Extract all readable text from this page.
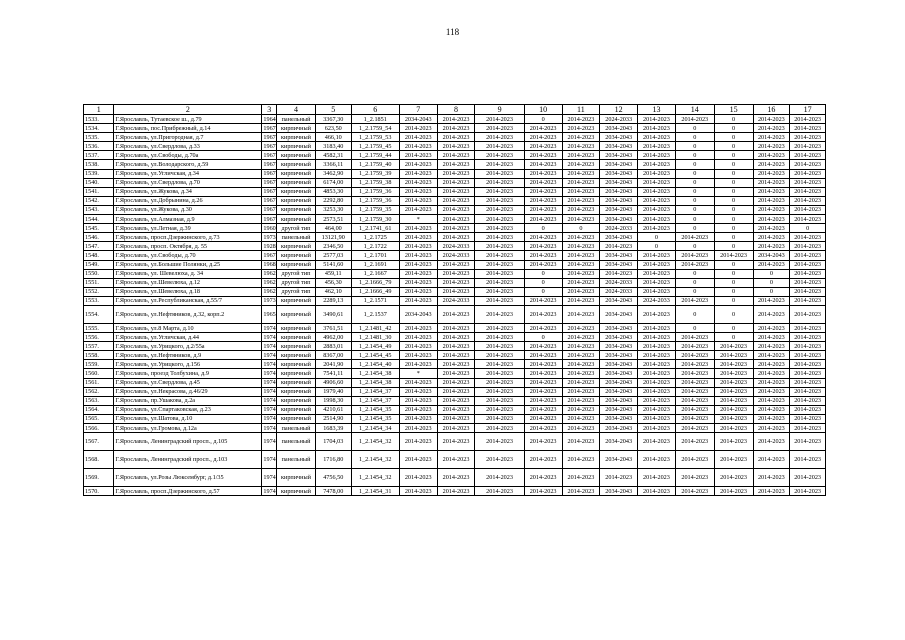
118
1	2	3	4	5	6	7	8	9	10	11	12	13	14	15	16	17
1533.	Г.Ярославль, Тутаевское ш., д.79	1964	панельный	3367,30	1_2.1851	2034-2043	2014-2023	2014-2023	0	2014-2023	2024-2033	2014-2023	2014-2023	0	2014-2023	2014-2023
1534.	Г.Ярославль, пос.Прибрежный, д.14	1967	кирпичный	623,50	1_2.1759_54	2014-2023	2014-2023	2014-2023	2014-2023	2014-2023	2034-2043	2014-2023	0	0	2014-2023	2014-2023
1535.	Г.Ярославль, ул.Пригородная, д.7	1967	кирпичный	466,10	1_2.1759_53	2014-2023	2014-2023	2014-2023	2014-2023	2014-2023	2034-2043	2014-2023	0	0	2014-2023	2014-2023
1536.	Г.Ярославль, ул.Свердлова, д.33	1967	кирпичный	3183,40	1_2.1759_45	2014-2023	2014-2023	2014-2023	2014-2023	2014-2023	2034-2043	2014-2023	0	0	2014-2023	2014-2023
1537.	Г.Ярославль, ул.Свободы, д.70а	1967	кирпичный	4582,31	1_2.1759_44	2014-2023	2014-2023	2014-2023	2014-2023	2014-2023	2034-2043	2014-2023	0	0	2014-2023	2014-2023
1538.	Г.Ярославль, ул.Володарского, д.59	1967	кирпичный	3366,11	1_2.1759_40	2014-2023	2014-2023	2014-2023	2014-2023	2014-2023	2034-2043	2014-2023	0	0	2014-2023	2014-2023
1539.	Г.Ярославль, ул.Угличская, д.34	1967	кирпичный	3462,90	1_2.1759_39	2014-2023	2014-2023	2014-2023	2014-2023	2014-2023	2034-2043	2014-2023	0	0	2014-2023	2014-2023
1540.	Г.Ярославль, ул.Свердлова, д.70	1967	кирпичный	6174,00	1_2.1759_38	2014-2023	2014-2023	2014-2023	2014-2023	2014-2023	2034-2043	2014-2023	0	0	2014-2023	2014-2023
1541.	Г.Ярославль, ул.Жукова, д.34	1967	кирпичный	4853,30	1_2.1759_36	2014-2023	2014-2023	2014-2023	2014-2023	2014-2023	2034-2043	2014-2023	0	0	2014-2023	2014-2023
1542.	Г.Ярославль, ул.Добрынина, д.26	1967	кирпичный	2292,80	1_2.1759_36	2014-2023	2014-2023	2014-2023	2014-2023	2014-2023	2034-2043	2014-2023	0	0	2014-2023	2014-2023
1543.	Г.Ярославль, ул.Жукова, д.30	1967	кирпичный	3253,30	1_2.1759_35	2014-2023	2014-2023	2014-2023	2014-2023	2014-2023	2034-2043	2014-2023	0	0	2014-2023	2014-2023
1544.	Г.Ярославль, ул.Алмазная, д.9	1967	кирпичный	2573,51	1_2.1759_30	*	2014-2023	2014-2023	2014-2023	2014-2023	2034-2043	2014-2023	0	0	2014-2023	2014-2023
1545.	Г.Ярославль, ул.Летная, д.39	1960	другой тип	464,00	1_2.1741_61	2014-2023	2014-2023	2014-2023	0	0	2024-2033	2014-2023	0	0	2014-2023	0
1546.	Г.Ярославль, просп.Дзержинского, д.73	1973	панельный	13121,90	1_2.1725	2014-2023	2014-2023	2014-2023	2014-2023	2014-2023	2034-2043	0	2014-2023	0	2014-2023	2014-2023
1547.	Г.Ярославль, просп. Октября, д. 55	1928	кирпичный	2346,50	1_2.1722	2014-2023	2024-2033	2014-2023	2014-2023	2014-2023	2014-2023	0	0	0	2014-2023	2014-2023
1548.	Г.Ярославль, ул.Свободы, д.70	1967	кирпичный	2577,03	1_2.1701	2014-2023	2024-2033	2014-2023	2014-2023	2014-2023	2034-2043	2014-2023	2014-2023	2014-2023	2034-2043	2014-2023
1549.	Г.Ярославль, ул.Большие Полянки, д.25	1968	кирпичный	5141,60	1_2.1691	2014-2023	2014-2023	2014-2023	2014-2023	2014-2023	2034-2043	2014-2023	2014-2023	0	2014-2023	2014-2023
1550.	Г.Ярославль, ул. Шевелюха, д. 34	1962	другой тип	459,11	1_2.1667	2014-2023	2014-2023	2014-2023	0	2014-2023	2014-2023	2014-2023	0	0	0	2014-2023
1551.	Г.Ярославль, ул.Шевелюха, д.12	1962	другой тип	456,30	1_2.1666_79	2014-2023	2014-2023	2014-2023	0	2014-2023	2024-2033	2014-2023	0	0	0	2014-2023
1552.	Г.Ярославль, ул.Шевелюха, д.18	1962	другой тип	462,10	1_2.1666_49	2014-2023	2014-2023	2014-2023	0	2014-2023	2024-2033	2014-2023	0	0	0	2014-2023
1553.	Г.Ярославль, ул.Республиканская, д.55/7	1973	кирпичный	2289,13	1_2.1571	2014-2023	2024-2033	2014-2023	2014-2023	2014-2023	2034-2043	2024-2033	2014-2023	0	2014-2023	2014-2023
1554.	Г.Ярославль, ул.Нефтяников, д.32, корп.2	1965	кирпичный	3490,61	1_2.1537	2034-2043	2014-2023	2014-2023	2014-2023	2014-2023	2034-2043	2014-2023	0	0	2014-2023	2014-2023
1555.	Г.Ярославль, ул.8 Марта, д.10	1974	кирпичный	3761,51	1_2.1481_42	2014-2023	2014-2023	2014-2023	2014-2023	2014-2023	2034-2043	2014-2023	0	0	2014-2023	2014-2023
1556.	Г.Ярославль, ул.Угличская, д.44	1974	кирпичный	4962,00	1_2.1481_30	2014-2023	2014-2023	2014-2023	0	2014-2023	2034-2043	2014-2023	2014-2023	0	2014-2023	2014-2023
1557.	Г.Ярославль, ул.Урицкого, д.2/55а	1974	кирпичный	2883,01	1_2.1454_49	2014-2023	2014-2023	2014-2023	2014-2023	2014-2023	2034-2043	2014-2023	2014-2023	2014-2023	2014-2023	2014-2023
1558.	Г.Ярославль, ул.Нефтяников, д.9	1974	кирпичный	8367,00	1_2.1454_45	2014-2023	2014-2023	2014-2023	2014-2023	2014-2023	2034-2043	2014-2023	2014-2023	2014-2023	2014-2023	2014-2023
1559.	Г.Ярославль, ул.Урицкого, д.156	1974	кирпичный	2041,90	1_2.1454_40	2014-2023	2014-2023	2014-2023	2014-2023	2014-2023	2034-2043	2014-2023	2014-2023	2014-2023	2014-2023	2014-2023
1560.	Г.Ярославль, проезд Толбухина, д.9	1974	кирпичный	7541,11	1_2.1454_38	*	2014-2023	2014-2023	2014-2023	2014-2023	2034-2043	2014-2023	2014-2023	2014-2023	2014-2023	2014-2023
1561.	Г.Ярославль, ул.Свердлова, д.45	1974	кирпичный	4906,60	1_2.1454_38	2014-2023	2014-2023	2014-2023	2014-2023	2014-2023	2034-2043	2014-2023	2014-2023	2014-2023	2014-2023	2014-2023
1562.	Г.Ярославль, ул.Некрасова, д.46/29	1974	кирпичный	1979,40	1_2.1454_37	2014-2023	2014-2023	2014-2023	2014-2023	2014-2023	2034-2043	2014-2023	2014-2023	2014-2023	2014-2023	2014-2023
1563.	Г.Ярославль, пр.Ушакова, д.2а	1974	кирпичный	1998,30	1_2.1454_37	2014-2023	2014-2023	2014-2023	2014-2023	2014-2023	2034-2043	2014-2023	2014-2023	2014-2023	2014-2023	2014-2023
1564.	Г.Ярославль, ул.Спартаковская, д.23	1974	кирпичный	4210,61	1_2.1454_35	2014-2023	2014-2023	2014-2023	2014-2023	2014-2023	2034-2043	2014-2023	2014-2023	2014-2023	2014-2023	2014-2023
1565.	Г.Ярославль, ул.Шатова, д.10	1974	кирпичный	2514,90	1_2.1454_35	2014-2023	2014-2023	2014-2023	2014-2023	2014-2023	2034-2043	2014-2023	2014-2023	2014-2023	2014-2023	2014-2023
1566.	Г.Ярославль, ул.Громова, д.12а	1974	панельный	1683,39	1_2.1454_34	2014-2023	2014-2023	2014-2023	2014-2023	2014-2023	2034-2043	2014-2023	2014-2023	2014-2023	2014-2023	2014-2023
1567.	Г.Ярославль, Ленинградский просп., д.105	1974	панельный	1704,03	1_2.1454_32	2014-2023	2014-2023	2014-2023	2014-2023	2014-2023	2034-2043	2014-2023	2014-2023	2014-2023	2014-2023	2014-2023
1568.	Г.Ярославль, Ленинградский просп., д.103	1974	панельный	1716,80	1_2.1454_32	2014-2023	2014-2023	2014-2023	2014-2023	2014-2023	2034-2043	2014-2023	2014-2023	2014-2023	2014-2023	2014-2023
1569.	Г.Ярославль, ул.Розы Люксембург, д.1/35	1974	кирпичный	4756,50	1_2.1454_32	2014-2023	2014-2023	2014-2023	2014-2023	2014-2023	2014-2023	2014-2023	2014-2023	2014-2023	2014-2023	2014-2023
1570.	Г.Ярославль, просп.Дзержинского, д.57	1974	кирпичный	7478,00	1_2.1454_31	2014-2023	2014-2023	2014-2023	2014-2023	2014-2023	2034-2043	2014-2023	2014-2023	2014-2023	2014-2023	2014-2023
